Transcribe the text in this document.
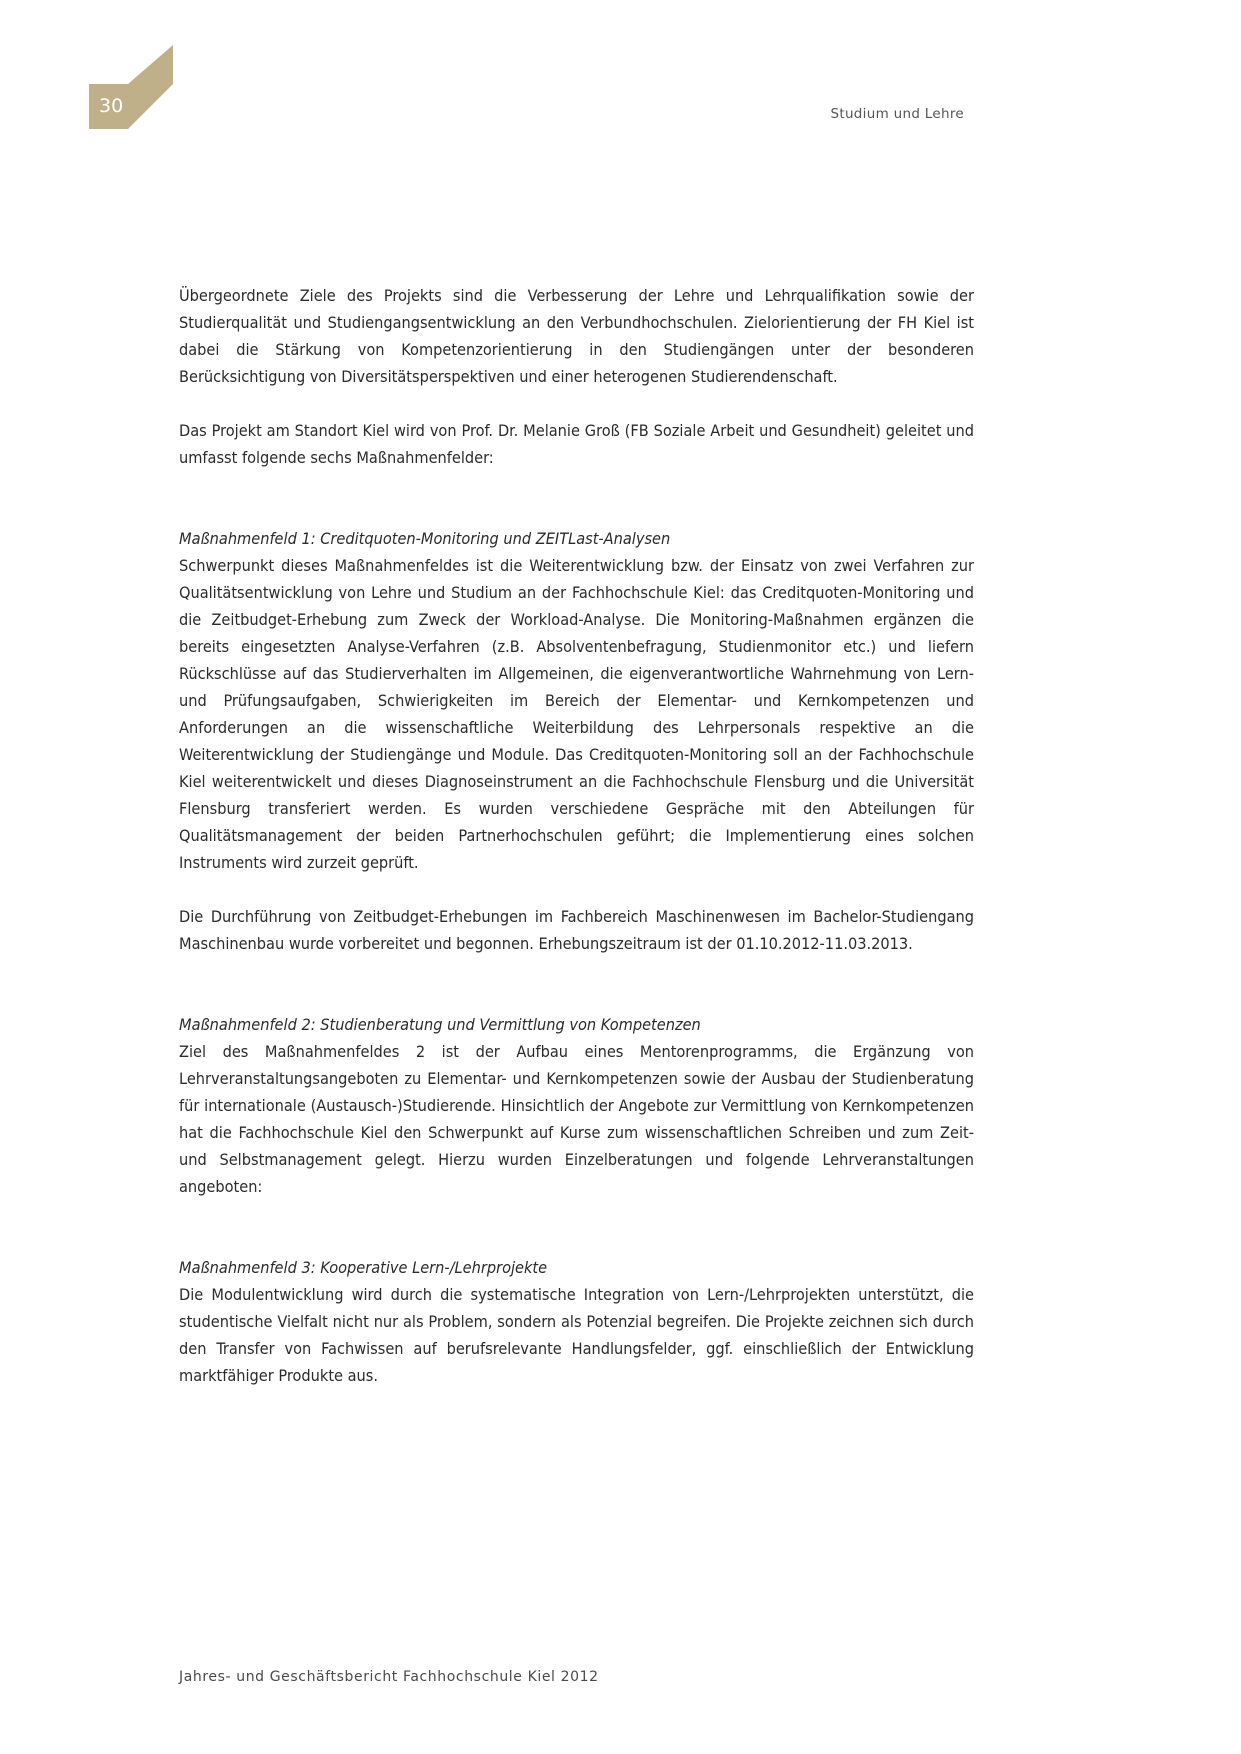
30	Studium und Lehre

Übergeordnete Ziele des Projekts sind die Verbesserung der Lehre und Lehrqualifikation sowie der Studierqualität und Studiengangsentwicklung an den Verbundhochschulen. Zielorientierung der FH Kiel ist dabei die Stärkung von Kompetenzorientierung in den Studiengängen unter der besonderen Berücksichtigung von Diversitätsperspektiven und einer heterogenen Studierendenschaft.

Das Projekt am Standort Kiel wird von Prof. Dr. Melanie Groß (FB Soziale Arbeit und Gesundheit) geleitet und umfasst folgende sechs Maßnahmenfelder:

Maßnahmenfeld 1: Creditquoten-Monitoring und ZEITLast-Analysen

Schwerpunkt dieses Maßnahmenfeldes ist die Weiterentwicklung bzw. der Einsatz von zwei Verfahren zur Qualitätsentwicklung von Lehre und Studium an der Fachhochschule Kiel: das Creditquoten-Monitoring und die Zeitbudget-Erhebung zum Zweck der Workload-Analyse. Die Monitoring-Maßnahmen ergänzen die bereits eingesetzten Analyse-Verfahren (z.B. Absolventenbefragung, Studienmonitor etc.) und liefern Rückschlüsse auf das Studierverhalten im Allgemeinen, die eigenverantwortliche Wahrnehmung von Lern- und Prüfungsaufgaben, Schwierigkeiten im Bereich der Elementar- und Kernkompetenzen und Anforderungen an die wissenschaftliche Weiterbildung des Lehrpersonals respektive an die Weiterentwicklung der Studiengänge und Module. Das Creditquoten-Monitoring soll an der Fachhochschule Kiel weiterentwickelt und dieses Diagnoseinstrument an die Fachhochschule Flensburg und die Universität Flensburg transferiert werden. Es wurden verschiedene Gespräche mit den Abteilungen für Qualitätsmanagement der beiden Partnerhochschulen geführt; die Implementierung eines solchen Instruments wird zurzeit geprüft.

Die Durchführung von Zeitbudget-Erhebungen im Fachbereich Maschinenwesen im Bachelor-Studiengang Maschinenbau wurde vorbereitet und begonnen. Erhebungszeitraum ist der 01.10.2012-11.03.2013.

Maßnahmenfeld 2: Studienberatung und Vermittlung von Kompetenzen

Ziel des Maßnahmenfeldes 2 ist der Aufbau eines Mentorenprogramms, die Ergänzung von Lehrveranstaltungsangeboten zu Elementar- und Kernkompetenzen sowie der Ausbau der Studienberatung für internationale (Austausch-)Studierende. Hinsichtlich der Angebote zur Vermittlung von Kernkompetenzen hat die Fachhochschule Kiel den Schwerpunkt auf Kurse zum wissenschaftlichen Schreiben und zum Zeit- und Selbstmanagement gelegt. Hierzu wurden Einzelberatungen und folgende Lehrveranstaltungen angeboten:

Maßnahmenfeld 3: Kooperative Lern-/Lehrprojekte

Die Modulentwicklung wird durch die systematische Integration von Lern-/Lehrprojekten unterstützt, die studentische Vielfalt nicht nur als Problem, sondern als Potenzial begreifen. Die Projekte zeichnen sich durch den Transfer von Fachwissen auf berufsrelevante Handlungsfelder, ggf. einschließlich der Entwicklung marktfähiger Produkte aus.

Jahres- und Geschäftsbericht Fachhochschule Kiel 2012
